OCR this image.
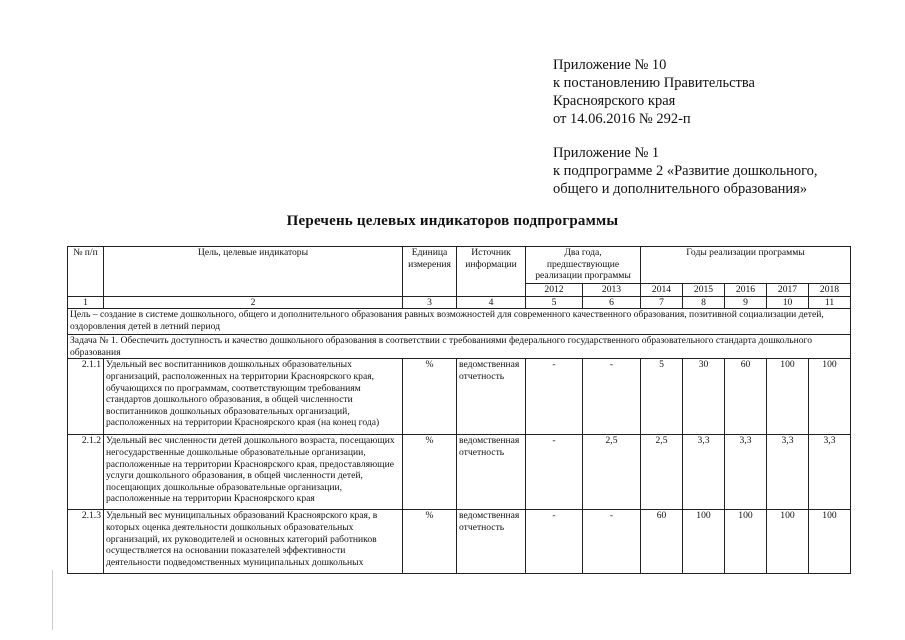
Приложение № 10
к постановлению Правительства
Красноярского края
от 14.06.2016 № 292-п
Приложение № 1
к подпрограмме 2 «Развитие дошкольного,
общего и дополнительного образования»
Перечень целевых индикаторов подпрограммы
№ п/п	Цель, целевые индикаторы	Единица измерения	Источник информации	Два года, предшествующие реализации программы		Годы реализации программы				
				2012	2013	2014	2015	2016	2017	2018
1	2	3	4	5	6	7	8	9	10	11
Цель – создание в системе дошкольного, общего и дополнительного образования равных возможностей для современного качественного образования, позитивной социализации детей, оздоровления детей в летний период										
Задача № 1. Обеспечить доступность и качество дошкольного образования в соответствии с требованиями федерального государственного образовательного стандарта дошкольного образования										
2.1.1	Удельный вес воспитанников дошкольных образовательных организаций, расположенных на территории Красноярского края, обучающихся по программам, соответствующим требованиям стандартов дошкольного образования, в общей численности воспитанников дошкольных образовательных организаций, расположенных на территории Красноярского края (на конец года)	%	ведомственная отчетность	-	-	5	30	60	100	100
2.1.2	Удельный вес численности детей дошкольного возраста, посещающих негосударственные дошкольные образовательные организации, расположенные на территории Красноярского края, предоставляющие услуги дошкольного образования, в общей численности детей, посещающих дошкольные образовательные организации, расположенные на территории Красноярского края	%	ведомственная отчетность	-	2,5	2,5	3,3	3,3	3,3	3,3
2.1.3	Удельный вес муниципальных образований Красноярского края, в которых оценка деятельности дошкольных образовательных организаций, их руководителей и основных категорий работников осуществляется на основании показателей эффективности деятельности подведомственных муниципальных дошкольных	%	ведомственная отчетность	-	-	60	100	100	100	100
